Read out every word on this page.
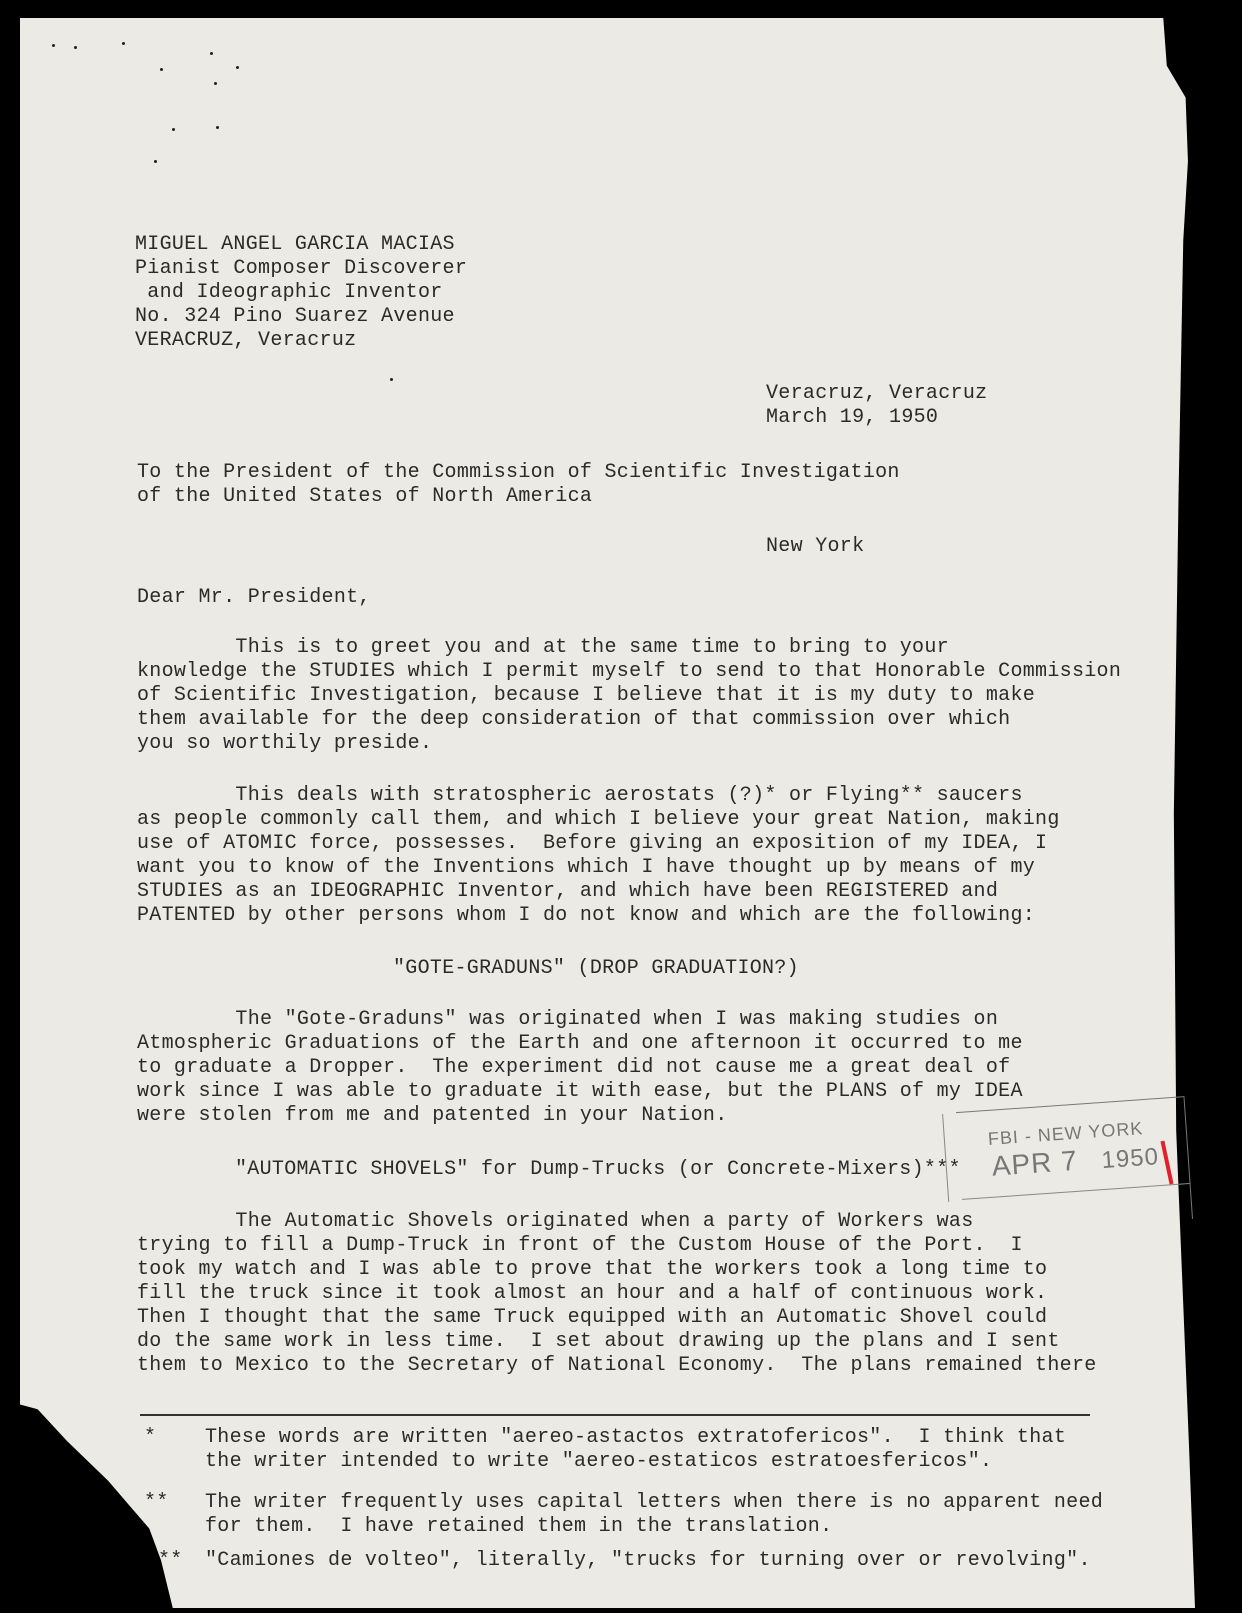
MIGUEL ANGEL GARCIA MACIAS
Pianist Composer Discoverer
and Ideographic Inventor
No. 324 Pino Suarez Avenue
VERACRUZ, Veracruz
Veracruz, Veracruz
March 19, 1950
To the President of the Commission of Scientific Investigation
of the United States of North America
New York
Dear Mr. President,
This is to greet you and at the same time to bring to your
knowledge the STUDIES which I permit myself to send to that Honorable Commission
of Scientific Investigation, because I believe that it is my duty to make
them available for the deep consideration of that commission over which
you so worthily preside.
This deals with stratospheric aerostats (?)* or Flying** saucers
as people commonly call them, and which I believe your great Nation, making
use of ATOMIC force, possesses.  Before giving an exposition of my IDEA, I
want you to know of the Inventions which I have thought up by means of my
STUDIES as an IDEOGRAPHIC Inventor, and which have been REGISTERED and
PATENTED by other persons whom I do not know and which are the following:
"GOTE-GRADUNS" (DROP GRADUATION?)
The "Gote-Graduns" was originated when I was making studies on
Atmospheric Graduations of the Earth and one afternoon it occurred to me
to graduate a Dropper.  The experiment did not cause me a great deal of
work since I was able to graduate it with ease, but the PLANS of my IDEA
were stolen from me and patented in your Nation.
"AUTOMATIC SHOVELS" for Dump-Trucks (or Concrete-Mixers)***
The Automatic Shovels originated when a party of Workers was
trying to fill a Dump-Truck in front of the Custom House of the Port.  I
took my watch and I was able to prove that the workers took a long time to
fill the truck since it took almost an hour and a half of continuous work.
Then I thought that the same Truck equipped with an Automatic Shovel could
do the same work in less time.  I set about drawing up the plans and I sent
them to Mexico to the Secretary of National Economy.  The plans remained there
* These words are written "aereo-astactos extratofericos".  I think that
the writer intended to write "aereo-estaticos estratoesfericos".
** The writer frequently uses capital letters when there is no apparent need
for them.  I have retained them in the translation.
** "Camiones de volteo", literally, "trucks for turning over or revolving".
FBI - NEW YORK
APR 7 1950
